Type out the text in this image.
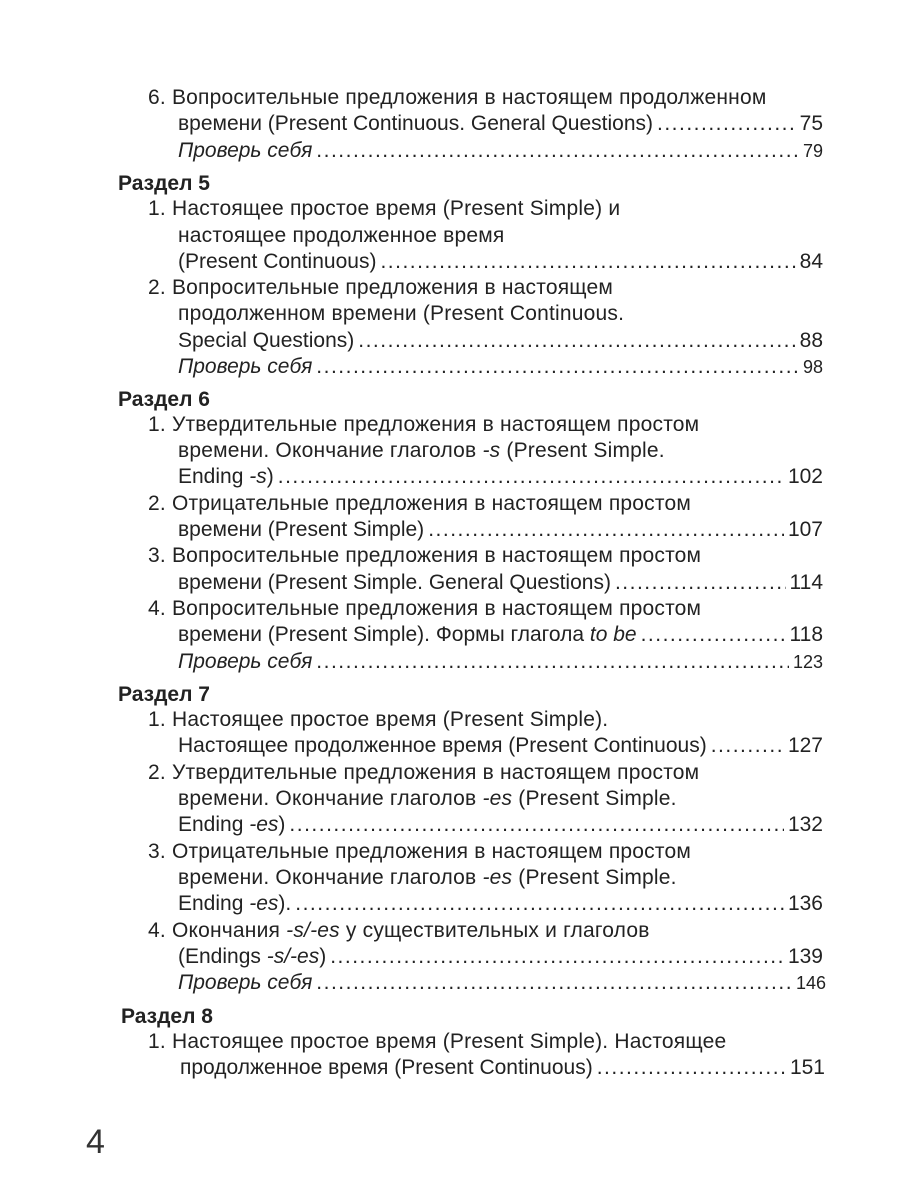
6. Вопросительные предложения в настоящем продолженном
времени (Present Continuous. General Questions) .....	75
Проверь себя .....	79
Раздел 5
1. Настоящее простое время (Present Simple) и
настоящее продолженное время
(Present Continuous) .....	84
2. Вопросительные предложения в настоящем
продолженном времени (Present Continuous.
Special Questions) .....	88
Проверь себя .....	98
Раздел 6
1. Утвердительные предложения в настоящем простом
времени. Окончание глаголов -s (Present Simple.
Ending -s) .....	102
2. Отрицательные предложения в настоящем простом
времени (Present Simple) .....	107
3. Вопросительные предложения в настоящем простом
времени (Present Simple. General Questions) .....	114
4. Вопросительные предложения в настоящем простом
времени (Present Simple). Формы глагола to be .....	118
Проверь себя .....	123
Раздел 7
1. Настоящее простое время (Present Simple).
Настоящее продолженное время (Present Continuous) .....	127
2. Утвердительные предложения в настоящем простом
времени. Окончание глаголов -es (Present Simple.
Ending -es) .....	132
3. Отрицательные предложения в настоящем простом
времени. Окончание глаголов -es (Present Simple.
Ending -es). .....	136
4. Окончания -s/-es у существительных и глаголов
(Endings -s/-es) .....	139
Проверь себя .....	146
Раздел 8
1. Настоящее простое время (Present Simple). Настоящее
продолженное время (Present Continuous) .....	151
4
